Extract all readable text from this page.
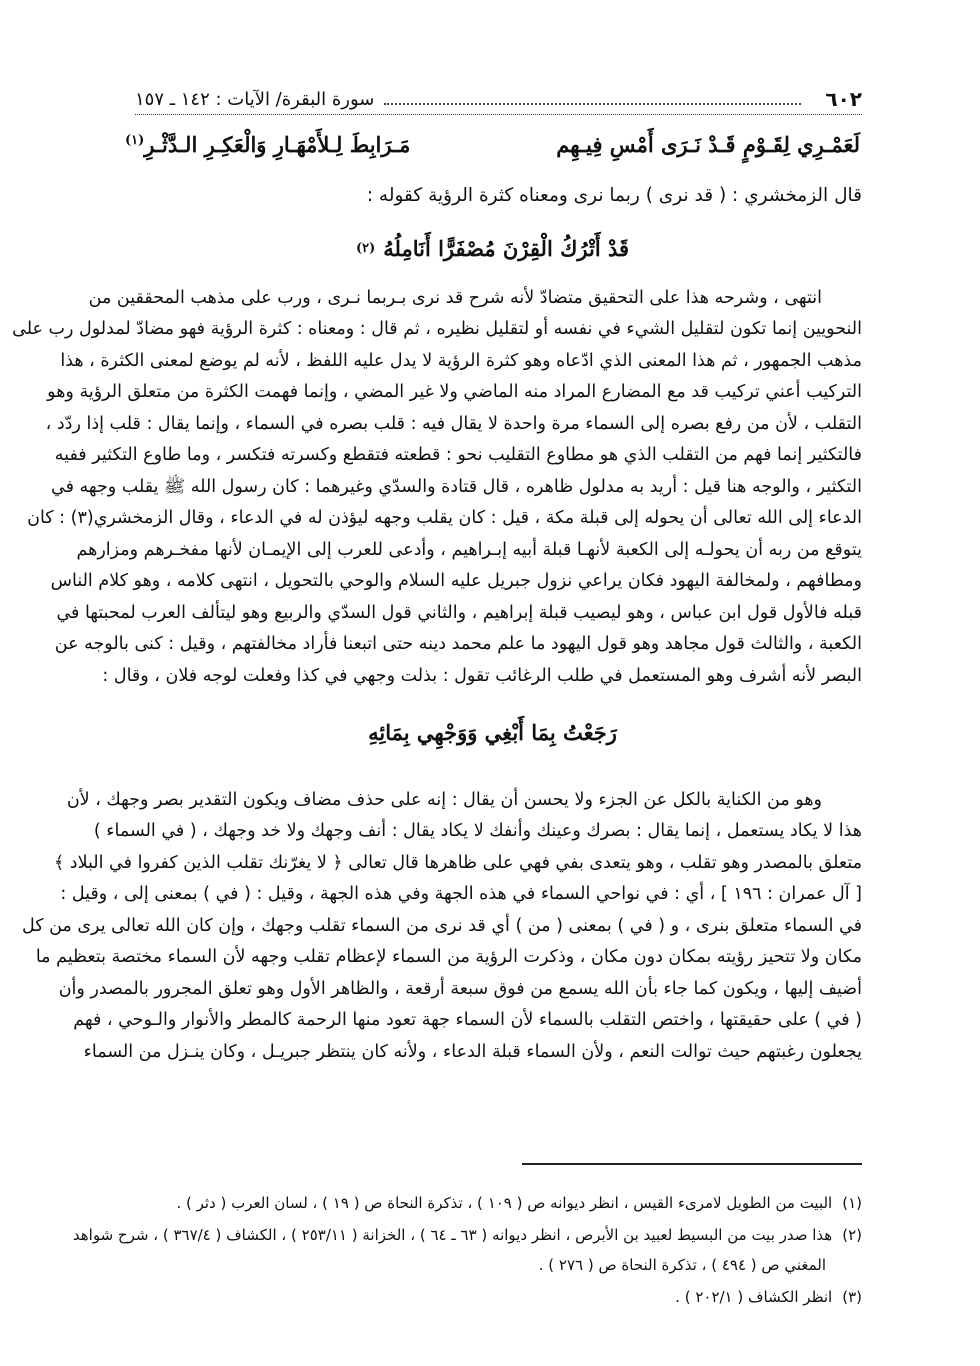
٦٠٢
سورة البقرة/ الآيات : ١٤٢ ـ ١٥٧
لَعَمْـرِي لِقَـوْمٍ قَـدْ نَـرَى أَمْسِ فِيـهِم
مَـرَابِطَ لِـلأَمْهَـارِ وَالْعَكِـرِ الـدَّثْـرِ$^{(١)}$
قال الزمخشري : ( قد نرى ) ربما نرى ومعناه كثرة الرؤية كقوله :
قَدْ أَتْرُكُ الْقِرْنَ مُصْفَرًّا أَنَامِلُهُ
(٢)
انتهى ، وشرحه هذا على التحقيق متضادّ لأنه شرح قد نرى بـربما نـرى ، ورب على مذهب المحققين من
النحويين إنما تكون لتقليل الشيء في نفسه أو لتقليل نظيره ، ثم قال : ومعناه : كثرة الرؤية فهو مضادّ لمدلول رب على
مذهب الجمهور ، ثم هذا المعنى الذي ادّعاه وهو كثرة الرؤية لا يدل عليه اللفظ ، لأنه لم يوضع لمعنى الكثرة ، هذا
التركيب أعني تركيب قد مع المضارع المراد منه الماضي ولا غير المضي ، وإنما فهمت الكثرة من متعلق الرؤية وهو
التقلب ، لأن من رفع بصره إلى السماء مرة واحدة لا يقال فيه : قلب بصره في السماء ، وإنما يقال : قلب إذا ردّد ،
فالتكثير إنما فهم من التقلب الذي هو مطاوع التقليب نحو : قطعته فتقطع وكسرته فتكسر ، وما طاوع التكثير ففيه
التكثير ، والوجه هنا قيل : أريد به مدلول ظاهره ، قال قتادة والسدّي وغيرهما : كان رسول الله ﷺ يقلب وجهه في
الدعاء إلى الله تعالى أن يحوله إلى قبلة مكة ، قيل : كان يقلب وجهه ليؤذن له في الدعاء ، وقال الزمخشري(٣) : كان
يتوقع من ربه أن يحولـه إلى الكعبة لأنهـا قبلة أبيه إبـراهيم ، وأدعى للعرب إلى الإيمـان لأنها مفخـرهم ومزارهم
ومطافهم ، ولمخالفة اليهود فكان يراعي نزول جبريل عليه السلام والوحي بالتحويل ، انتهى كلامه ، وهو كلام الناس
قبله فالأول قول ابن عباس ، وهو ليصيب قبلة إبراهيم ، والثاني قول السدّي والربيع وهو ليتألف العرب لمحبتها في
الكعبة ، والثالث قول مجاهد وهو قول اليهود ما علم محمد دينه حتى اتبعنا فأراد مخالفتهم ، وقيل : كنى بالوجه عن
البصر لأنه أشرف وهو المستعمل في طلب الرغائب تقول : بذلت وجهي في كذا وفعلت لوجه فلان ، وقال :
رَجَعْتُ بِمَا أَبْغِي وَوَجْهِي بِمَائِهِ
وهو من الكناية بالكل عن الجزء ولا يحسن أن يقال : إنه على حذف مضاف ويكون التقدير بصر وجهك ، لأن
هذا لا يكاد يستعمل ، إنما يقال : بصرك وعينك وأنفك لا يكاد يقال : أنف وجهك ولا خد وجهك ، ( في السماء )
متعلق بالمصدر وهو تقلب ، وهو يتعدى بفي فهي على ظاهرها قال تعالى ﴿ لا يغرّنك تقلب الذين كفروا في البلاد ﴾
[ آل عمران : ١٩٦ ] ، أي : في نواحي السماء في هذه الجهة وفي هذه الجهة ، وقيل : ( في ) بمعنى إلى ، وقيل :
في السماء متعلق بنرى ، و ( في ) بمعنى ( من ) أي قد نرى من السماء تقلب وجهك ، وإن كان الله تعالى يرى من كل
مكان ولا تتحيز رؤيته بمكان دون مكان ، وذكرت الرؤية من السماء لإعظام تقلب وجهه لأن السماء مختصة بتعظيم ما
أضيف إليها ، ويكون كما جاء بأن الله يسمع من فوق سبعة أرقعة ، والظاهر الأول وهو تعلق المجرور بالمصدر وأن
( في ) على حقيقتها ، واختص التقلب بالسماء لأن السماء جهة تعود منها الرحمة كالمطر والأنوار والـوحي ، فهم
يجعلون رغبتهم حيث توالت النعم ، ولأن السماء قبلة الدعاء ، ولأنه كان ينتظر جبريـل ، وكان ينـزل من السماء
(١)البيت من الطويل لامرىء القيس ، انظر ديوانه ص ( ١٠٩ ) ، تذكرة النحاة ص ( ١٩ ) ، لسان العرب ( دثر ) .
(٢)هذا صدر بيت من البسيط لعبيد بن الأبرص ، انظر ديوانه ( ٦٣ ـ ٦٤ ) ، الخزانة ( ٢٥٣/١١ ) ، الكشاف ( ٣٦٧/٤ ) ، شرح شواهد
المغني ص ( ٤٩٤ ) ، تذكرة النحاة ص ( ٢٧٦ ) .
(٣)انظر الكشاف ( ٢٠٢/١ ) .
